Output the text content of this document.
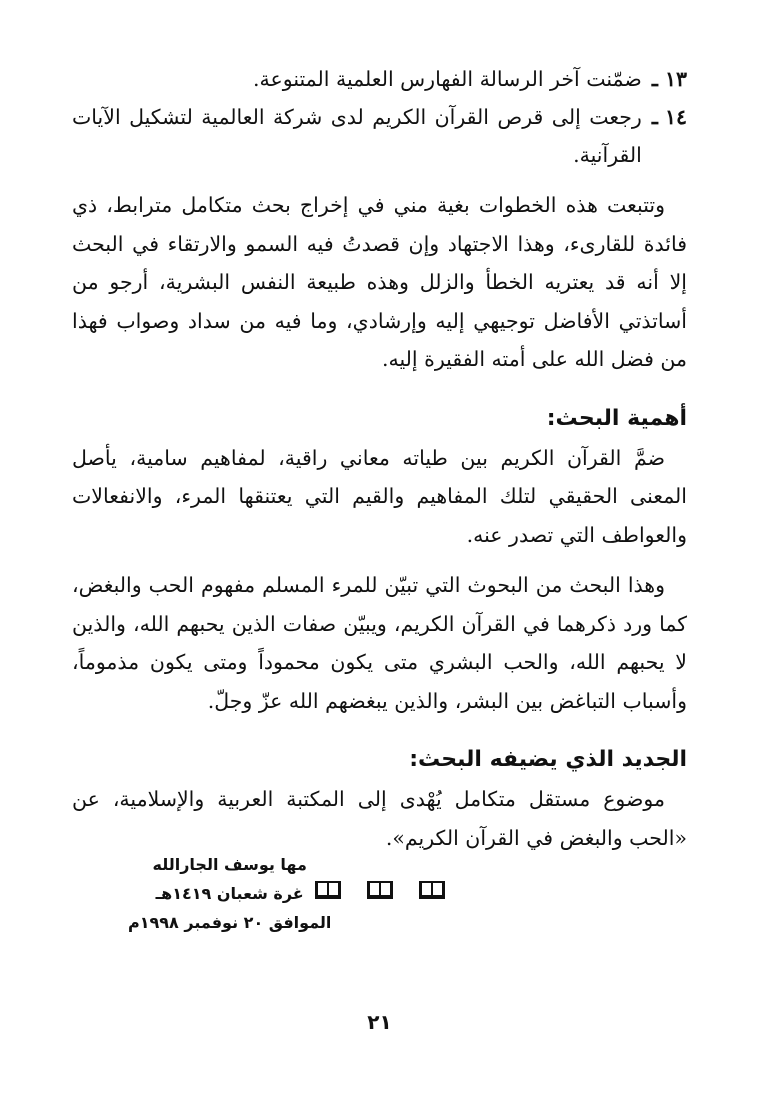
١٣ ـ
ضمّنت آخر الرسالة الفهارس العلمية المتنوعة.
١٤ ـ
رجعت إلى قرص القرآن الكريم لدى شركة العالمية لتشكيل الآيات القرآنية.

وتتبعت هذه الخطوات بغية مني في إخراج بحث متكامل مترابط، ذي فائدة للقارىء، وهذا الاجتهاد وإن قصدتُ فيه السمو والارتقاء في البحث إلا أنه قد يعتريه الخطأ والزلل وهذه طبيعة النفس البشرية، أرجو من أساتذتي الأفاضل توجيهي إليه وإرشادي، وما فيه من سداد وصواب فهذا من فضل الله على أمته الفقيرة إليه.

أهمية البحث:

ضمَّ القرآن الكريم بين طياته معاني راقية، لمفاهيم سامية، يأصل المعنى الحقيقي لتلك المفاهيم والقيم التي يعتنقها المرء، والانفعالات والعواطف التي تصدر عنه.

وهذا البحث من البحوث التي تبيّن للمرء المسلم مفهوم الحب والبغض، كما ورد ذكرهما في القرآن الكريم، ويبيّن صفات الذين يحبهم الله، والذين لا يحبهم الله، والحب البشري متى يكون محموداً ومتى يكون مذموماً، وأسباب التباغض بين البشر، والذين يبغضهم الله عزّ وجلّ.

الجديد الذي يضيفه البحث:

موضوع مستقل متكامل يُهْدى إلى المكتبة العربية والإسلامية، عن «الحب والبغض في القرآن الكريم».

مها يوسف الجارالله
غرة شعبان ١٤١٩هـ
الموافق ٢٠ نوفمبر ١٩٩٨م
٢١
